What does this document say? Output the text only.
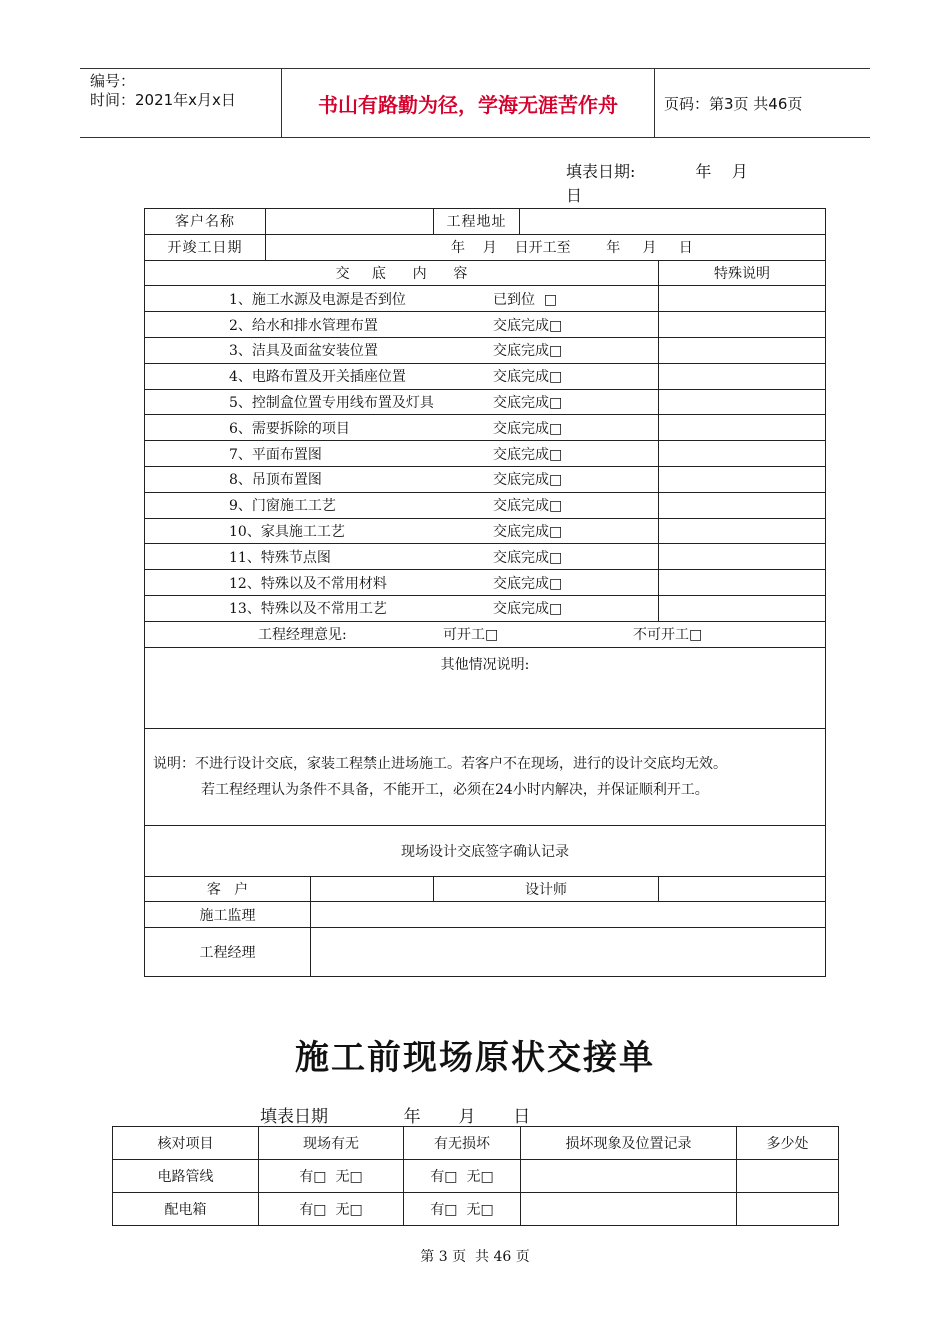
编号：
时间：2021年x月x日	书山有路勤为径，学海无涯苦作舟	页码：第3页 共46页
填表日期:	年    月
日
客户名称			工程地址		
开竣工日期	年    月    日开工至        年     月     日				
交     底      内      容					特殊说明
1、施工水源及电源是否到位 已到位  □					
2、给水和排水管理布置 交底完成□					
3、洁具及面盆安装位置 交底完成□					
4、电路布置及开关插座位置 交底完成□					
5、控制盒位置专用线布置及灯具 交底完成□					
6、需要拆除的项目 交底完成□					
7、平面布置图 交底完成□					
8、吊顶布置图 交底完成□					
9、门窗施工工艺 交底完成□					
10、家具施工工艺 交底完成□					
11、特殊节点图 交底完成□					
12、特殊以及不常用材料 交底完成□					
13、特殊以及不常用工艺 交底完成□					
工程经理意见: 可开工□ 不可开工□					
其他情况说明:					

说明：不进行设计交底，家装工程禁止进场施工。若客户不在现场，进行的设计交底均无效。
若工程经理认为条件不具备，不能开工，必须在24小时内解决，并保证顺利开工。					

现场设计交底签字确认记录					
客   户			设计师		
施工监理					
工程经理					
施工前现场原状交接单
填表日期              年       月       日
核对项目	现场有无	有无损坏	损坏现象及位置记录	多少处
电路管线	有□  无□	有□  无□		
配电箱	有□  无□	有□  无□		
第 3 页  共 46 页
